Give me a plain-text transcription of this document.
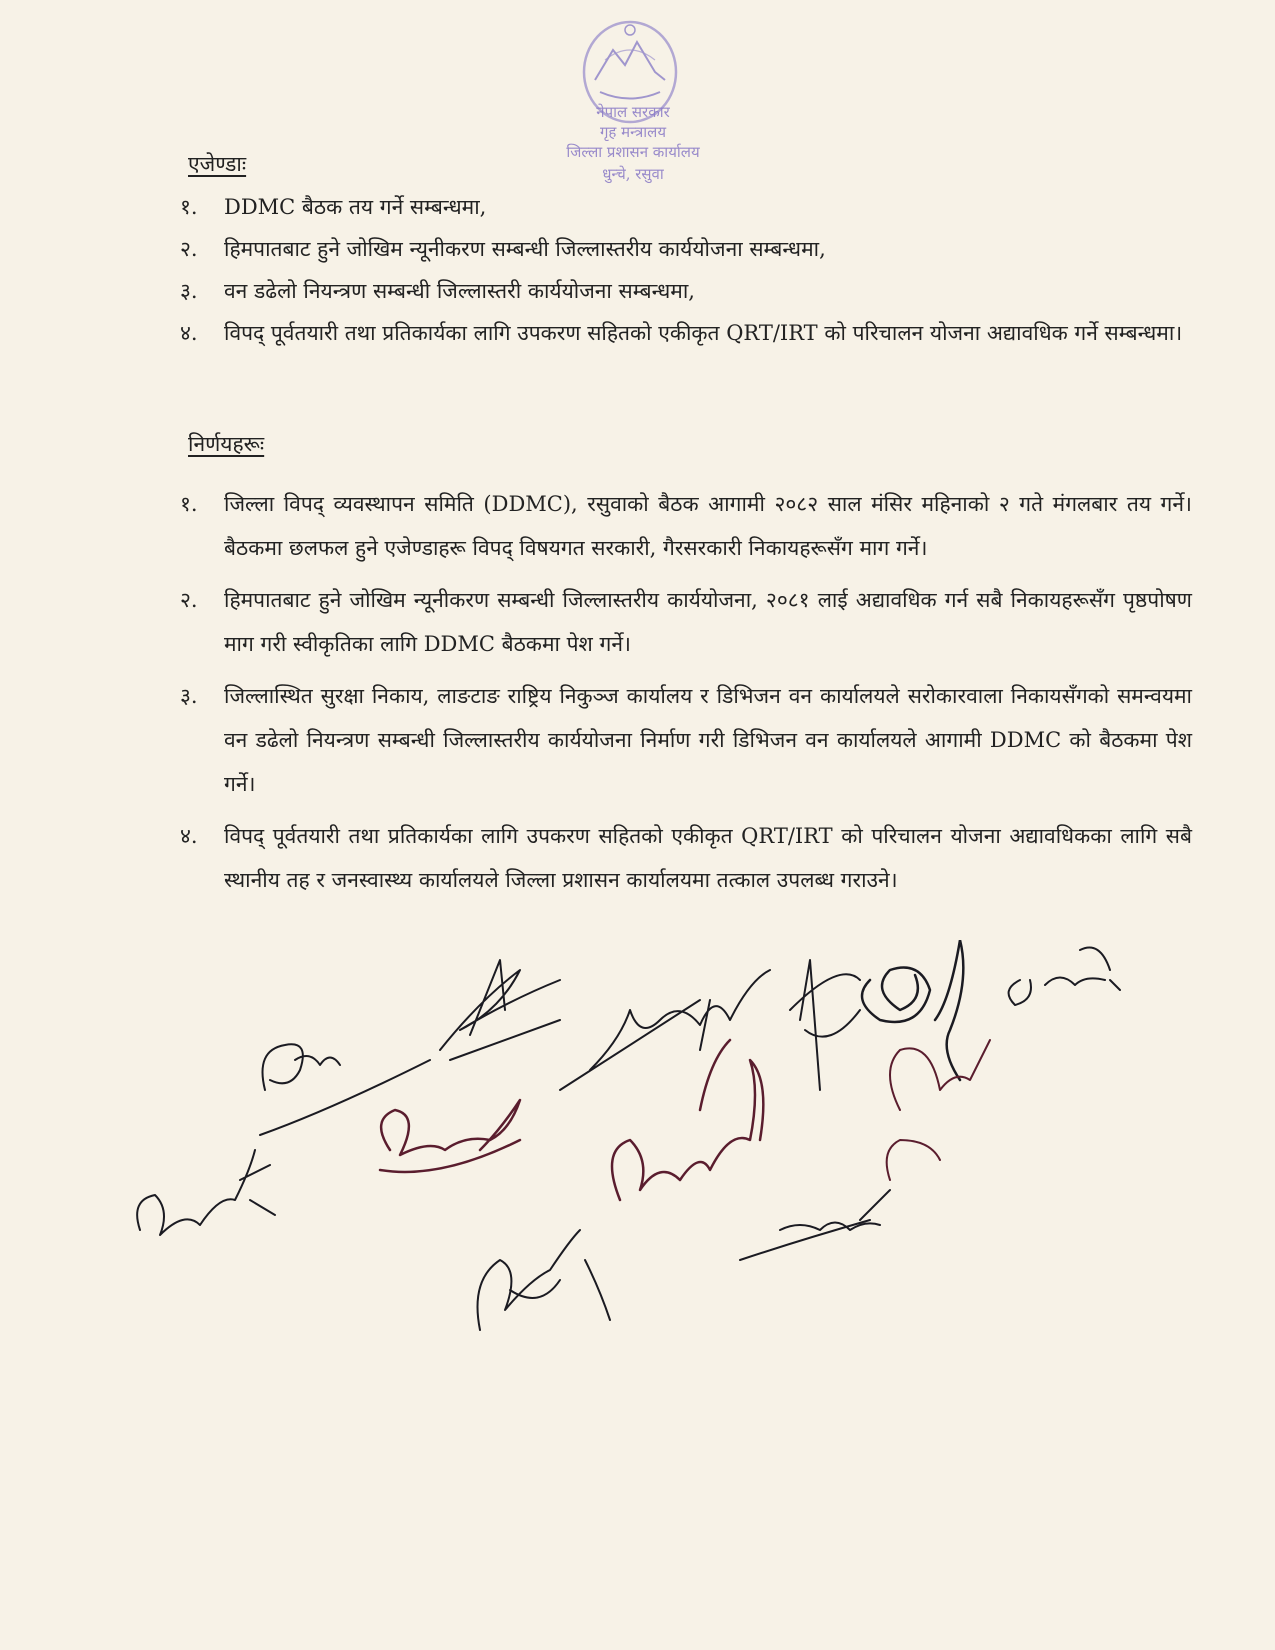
नेपाल सरकार
गृह मन्त्रालय
जिल्ला प्रशासन कार्यालय
धुन्चे, रसुवा
एजेण्डाः
१. DDMC बैठक तय गर्ने सम्बन्धमा,
२. हिमपातबाट हुने जोखिम न्यूनीकरण सम्बन्धी जिल्लास्तरीय कार्ययोजना सम्बन्धमा,
३. वन डढेलो नियन्त्रण सम्बन्धी जिल्लास्तरी कार्ययोजना सम्बन्धमा,
४. विपद् पूर्वतयारी तथा प्रतिकार्यका लागि उपकरण सहितको एकीकृत QRT/IRT को परिचालन योजना अद्यावधिक गर्ने सम्बन्धमा।
निर्णयहरूः
१. जिल्ला विपद् व्यवस्थापन समिति (DDMC), रसुवाको बैठक आगामी २०८२ साल मंसिर महिनाको २ गते मंगलबार तय गर्ने। बैठकमा छलफल हुने एजेण्डाहरू विपद् विषयगत सरकारी, गैरसरकारी निकायहरूसँग माग गर्ने।
२. हिमपातबाट हुने जोखिम न्यूनीकरण सम्बन्धी जिल्लास्तरीय कार्ययोजना, २०८१ लाई अद्यावधिक गर्न सबै निकायहरूसँग पृष्ठपोषण माग गरी स्वीकृतिका लागि DDMC बैठकमा पेश गर्ने।
३. जिल्लास्थित सुरक्षा निकाय, लाङटाङ राष्ट्रिय निकुञ्ज कार्यालय र डिभिजन वन कार्यालयले सरोकारवाला निकायसँगको समन्वयमा वन डढेलो नियन्त्रण सम्बन्धी जिल्लास्तरीय कार्ययोजना निर्माण गरी डिभिजन वन कार्यालयले आगामी DDMC को बैठकमा पेश गर्ने।
४. विपद् पूर्वतयारी तथा प्रतिकार्यका लागि उपकरण सहितको एकीकृत QRT/IRT को परिचालन योजना अद्यावधिकका लागि सबै स्थानीय तह र जनस्वास्थ्य कार्यालयले जिल्ला प्रशासन कार्यालयमा तत्काल उपलब्ध गराउने।
